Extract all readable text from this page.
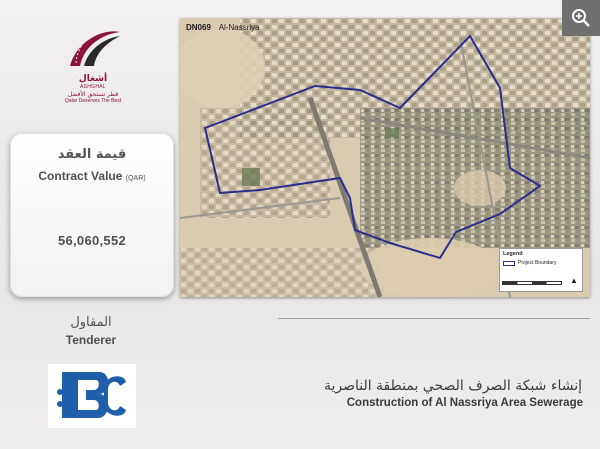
أشغال
ASHGHAL
قطر تستحق الأفضل
Qatar Deserves The Best
قيمة العقد
Contract Value (QAR)
56,060,552
DN069 Al-Nassriya
Legend
Project Boundary
▲
المقاول
Tenderer
إنشاء شبكة الصرف الصحي بمنطقة الناصرية
Construction of Al Nassriya Area Sewerage
